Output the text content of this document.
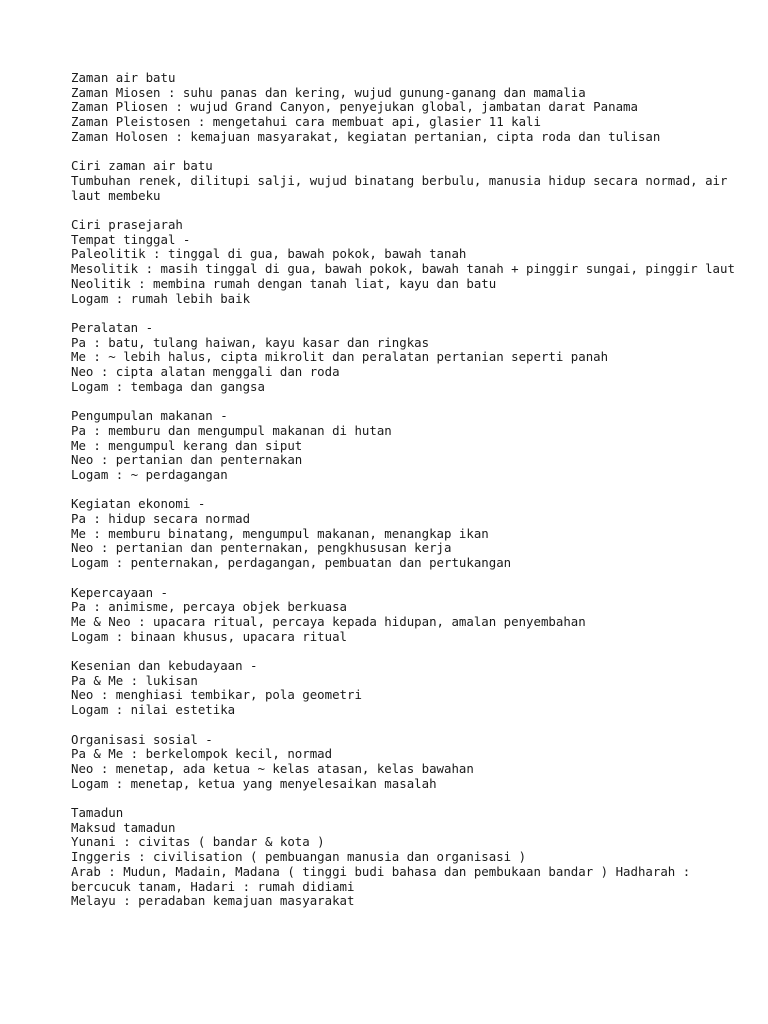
Zaman air batu
Zaman Miosen : suhu panas dan kering, wujud gunung-ganang dan mamalia
Zaman Pliosen : wujud Grand Canyon, penyejukan global, jambatan darat Panama
Zaman Pleistosen : mengetahui cara membuat api, glasier 11 kali
Zaman Holosen : kemajuan masyarakat, kegiatan pertanian, cipta roda dan tulisan
Ciri zaman air batu
Tumbuhan renek, dilitupi salji, wujud binatang berbulu, manusia hidup secara normad, air laut membeku
Ciri prasejarah
Tempat tinggal -
Paleolitik : tinggal di gua, bawah pokok, bawah tanah
Mesolitik : masih tinggal di gua, bawah pokok, bawah tanah + pinggir sungai, pinggir laut
Neolitik : membina rumah dengan tanah liat, kayu dan batu
Logam : rumah lebih baik
Peralatan -
Pa : batu, tulang haiwan, kayu kasar dan ringkas
Me : ~ lebih halus, cipta mikrolit dan peralatan pertanian seperti panah
Neo : cipta alatan menggali dan roda
Logam : tembaga dan gangsa
Pengumpulan makanan -
Pa : memburu dan mengumpul makanan di hutan
Me : mengumpul kerang dan siput
Neo : pertanian dan penternakan
Logam : ~ perdagangan
Kegiatan ekonomi -
Pa : hidup secara normad
Me : memburu binatang, mengumpul makanan, menangkap ikan
Neo : pertanian dan penternakan, pengkhususan kerja
Logam : penternakan, perdagangan, pembuatan dan pertukangan
Kepercayaan -
Pa : animisme, percaya objek berkuasa
Me & Neo : upacara ritual, percaya kepada hidupan, amalan penyembahan
Logam : binaan khusus, upacara ritual
Kesenian dan kebudayaan -
Pa & Me : lukisan
Neo : menghiasi tembikar, pola geometri
Logam : nilai estetika
Organisasi sosial -
Pa & Me : berkelompok kecil, normad
Neo : menetap, ada ketua ~ kelas atasan, kelas bawahan
Logam : menetap, ketua yang menyelesaikan masalah
Tamadun
Maksud tamadun
Yunani : civitas ( bandar & kota )
Inggeris : civilisation ( pembuangan manusia dan organisasi )
Arab : Mudun, Madain, Madana ( tinggi budi bahasa dan pembukaan bandar ) Hadharah : bercucuk tanam, Hadari : rumah didiami
Melayu : peradaban kemajuan masyarakat
